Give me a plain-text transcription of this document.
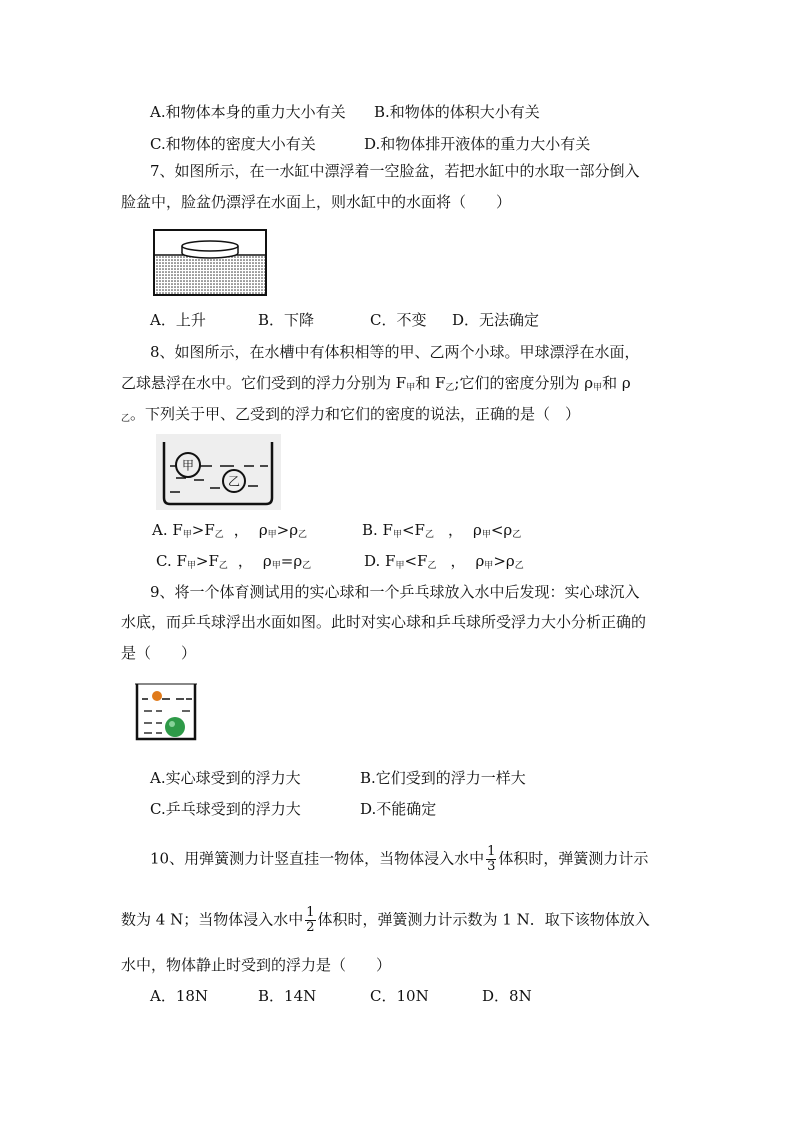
A.和物体本身的重力大小有关 B.和物体的体积大小有关
C.和物体的密度大小有关	D.和物体排开液体的重力大小有关
7、如图所示，在一水缸中漂浮着一空脸盆，若把水缸中的水取一部分倒入
脸盆中，脸盆仍漂浮在水面上，则水缸中的水面将（　　）
A．上升	B．下降	C．不变 D．无法确定
8、如图所示，在水槽中有体积相等的甲、乙两个小球。甲球漂浮在水面，
乙球悬浮在水中。它们受到的浮力分别为 $F_甲$和 $F_乙$;它们的密度分别为 $\rho_甲$和 ρ
$_乙$。下列关于甲、乙受到的浮力和它们的密度的说法，正确的是（　）
甲
乙
A. $F_甲>F_乙$ ， $\rho_甲>\rho_乙$	B. $F_甲<F_乙$ ， $\rho_甲<\rho_乙$
C. $F_甲>F_乙$ ， $\rho_甲=\rho_乙$	D. $F_甲<F_乙$ ， $\rho_甲>\rho_乙$
9、将一个体育测试用的实心球和一个乒乓球放入水中后发现：实心球沉入
水底，而乒乓球浮出水面如图。此时对实心球和乒乓球所受浮力大小分析正确的
是（　　）
A.实心球受到的浮力大	B.它们受到的浮力一样大
C.乒乓球受到的浮力大	D.不能确定
10、用弹簧测力计竖直挂一物体，当物体浸入水中 $\frac{1}{3}$ 体积时，弹簧测力计示
数为 4 N；当物体浸入水中 $\frac{1}{2}$ 体积时，弹簧测力计示数为 1 N．取下该物体放入
水中，物体静止时受到的浮力是（　　）
A．18N	B．14N	C．10N	D．8N
